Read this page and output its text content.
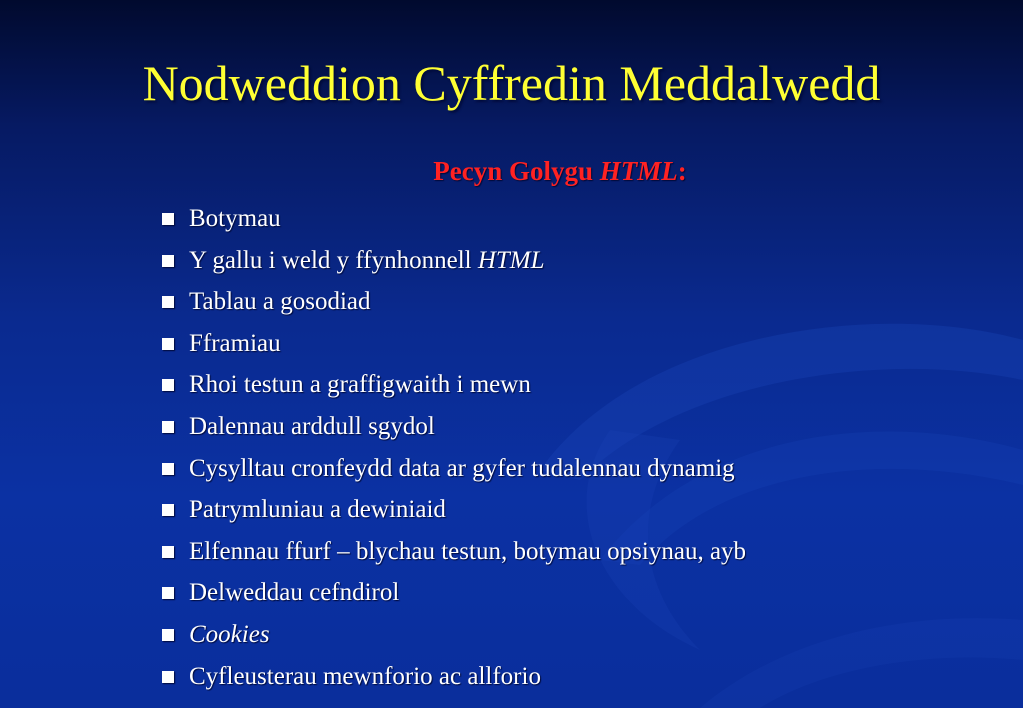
Nodweddion Cyffredin Meddalwedd
Pecyn Golygu HTML:
Botymau
Y gallu i weld y ffynhonnell HTML
Tablau a gosodiad
Fframiau
Rhoi testun a graffigwaith i mewn
Dalennau arddull sgydol
Cysylltau cronfeydd data ar gyfer tudalennau dynamig
Patrymluniau a dewiniaid
Elfennau ffurf – blychau testun, botymau opsiynau, ayb
Delweddau cefndirol
Cookies
Cyfleusterau mewnforio ac allforio
